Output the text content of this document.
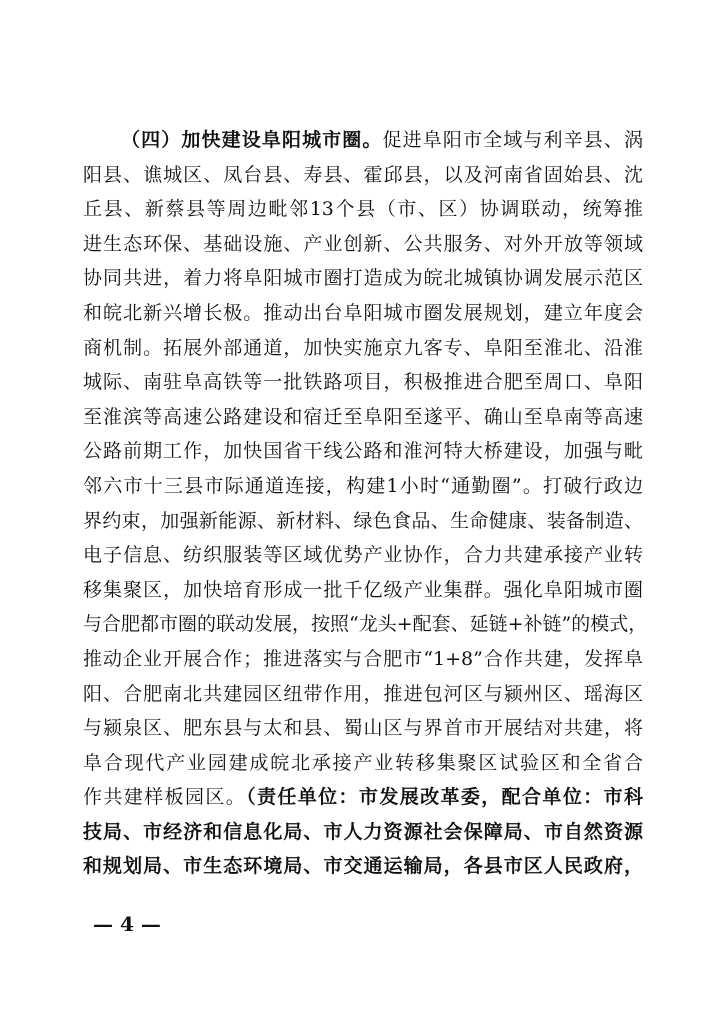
（四）加快建设阜阳城市圈。促进阜阳市全域与利辛县、涡
阳县、谯城区、凤台县、寿县、霍邱县，以及河南省固始县、沈
丘县、新蔡县等周边毗邻13个县（市、区）协调联动，统筹推
进生态环保、基础设施、产业创新、公共服务、对外开放等领域
协同共进，着力将阜阳城市圈打造成为皖北城镇协调发展示范区
和皖北新兴增长极。推动出台阜阳城市圈发展规划，建立年度会
商机制。拓展外部通道，加快实施京九客专、阜阳至淮北、沿淮
城际、南驻阜高铁等一批铁路项目，积极推进合肥至周口、阜阳
至淮滨等高速公路建设和宿迁至阜阳至遂平、确山至阜南等高速
公路前期工作，加快国省干线公路和淮河特大桥建设，加强与毗
邻六市十三县市际通道连接，构建1小时“通勤圈”。打破行政边
界约束，加强新能源、新材料、绿色食品、生命健康、装备制造、
电子信息、纺织服装等区域优势产业协作，合力共建承接产业转
移集聚区，加快培育形成一批千亿级产业集群。强化阜阳城市圈
与合肥都市圈的联动发展，按照“龙头+配套、延链+补链”的模式，
推动企业开展合作；推进落实与合肥市“1+8”合作共建，发挥阜
阳、合肥南北共建园区纽带作用，推进包河区与颍州区、瑶海区
与颍泉区、肥东县与太和县、蜀山区与界首市开展结对共建，将
阜合现代产业园建成皖北承接产业转移集聚区试验区和全省合
作共建样板园区。（责任单位：市发展改革委，配合单位：市科
技局、市经济和信息化局、市人力资源社会保障局、市自然资源
和规划局、市生态环境局、市交通运输局，各县市区人民政府，
— 4 —
